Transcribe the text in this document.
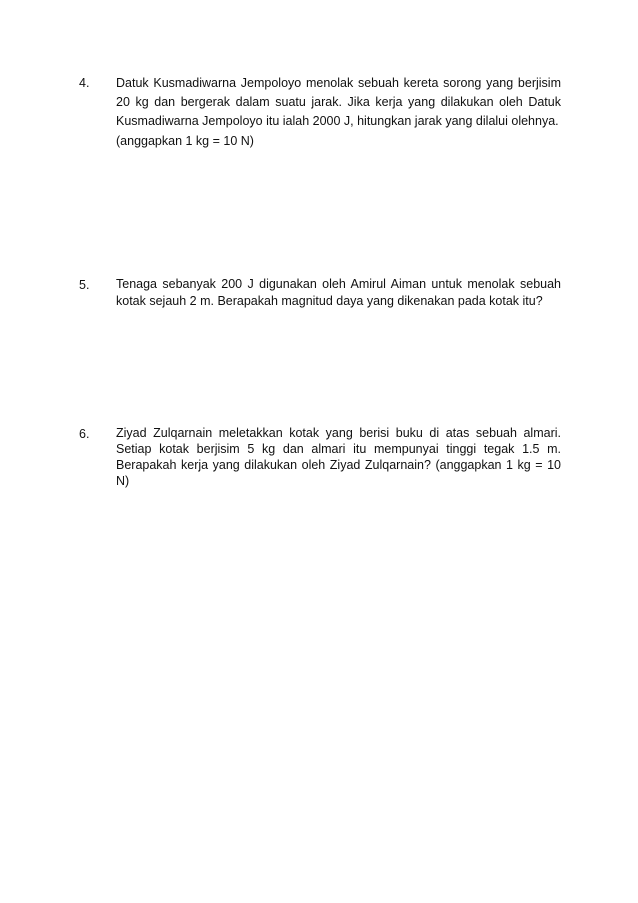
4. Datuk Kusmadiwarna Jempoloyo menolak sebuah kereta sorong yang berjisim 20 kg dan bergerak dalam suatu jarak. Jika kerja yang dilakukan oleh Datuk Kusmadiwarna Jempoloyo itu ialah 2000 J, hitungkan jarak yang dilalui olehnya.

(anggapkan 1 kg = 10 N)

5. Tenaga sebanyak 200 J digunakan oleh Amirul Aiman untuk menolak sebuah kotak sejauh 2 m. Berapakah magnitud daya yang dikenakan pada kotak itu?

6. Ziyad Zulqarnain meletakkan kotak yang berisi buku di atas sebuah almari. Setiap kotak berjisim 5 kg dan almari itu mempunyai tinggi tegak 1.5 m. Berapakah kerja yang dilakukan oleh Ziyad Zulqarnain? (anggapkan 1 kg = 10 N)
